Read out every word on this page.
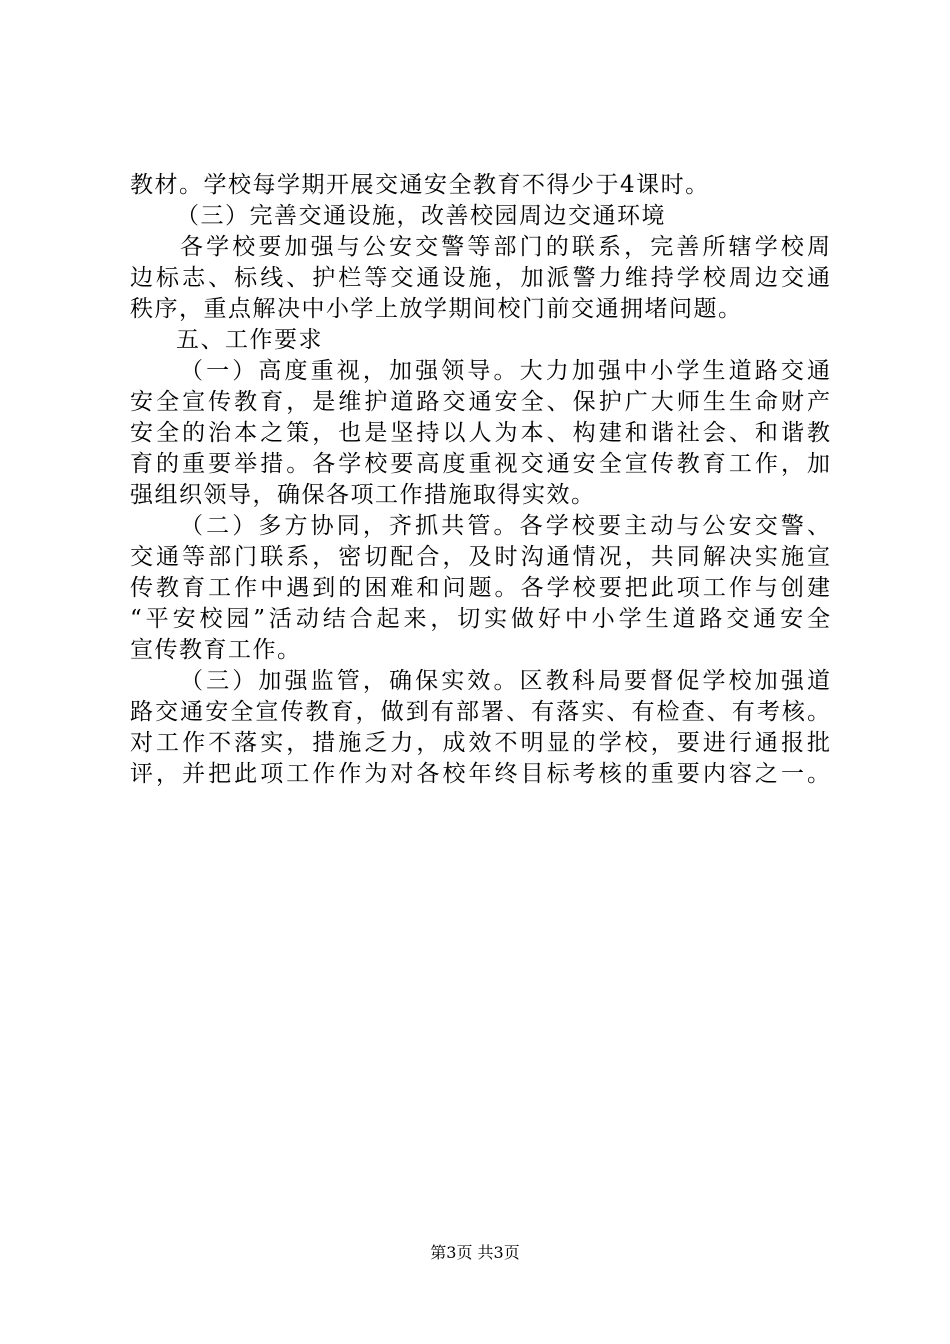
教材。学校每学期开展交通安全教育不得少于4课时。
（三）完善交通设施，改善校园周边交通环境
各学校要加强与公安交警等部门的联系，完善所辖学校周
边标志、标线、护栏等交通设施，加派警力维持学校周边交通
秩序，重点解决中小学上放学期间校门前交通拥堵问题。
五、工作要求
（一）高度重视，加强领导。大力加强中小学生道路交通
安全宣传教育，是维护道路交通安全、保护广大师生生命财产
安全的治本之策，也是坚持以人为本、构建和谐社会、和谐教
育的重要举措。各学校要高度重视交通安全宣传教育工作，加
强组织领导，确保各项工作措施取得实效。
（二）多方协同，齐抓共管。各学校要主动与公安交警、
交通等部门联系，密切配合，及时沟通情况，共同解决实施宣
传教育工作中遇到的困难和问题。各学校要把此项工作与创建
“平安校园”活动结合起来，切实做好中小学生道路交通安全
宣传教育工作。
（三）加强监管，确保实效。区教科局要督促学校加强道
路交通安全宣传教育，做到有部署、有落实、有检查、有考核。
对工作不落实，措施乏力，成效不明显的学校，要进行通报批
评，并把此项工作作为对各校年终目标考核的重要内容之一。
第3页 共3页
